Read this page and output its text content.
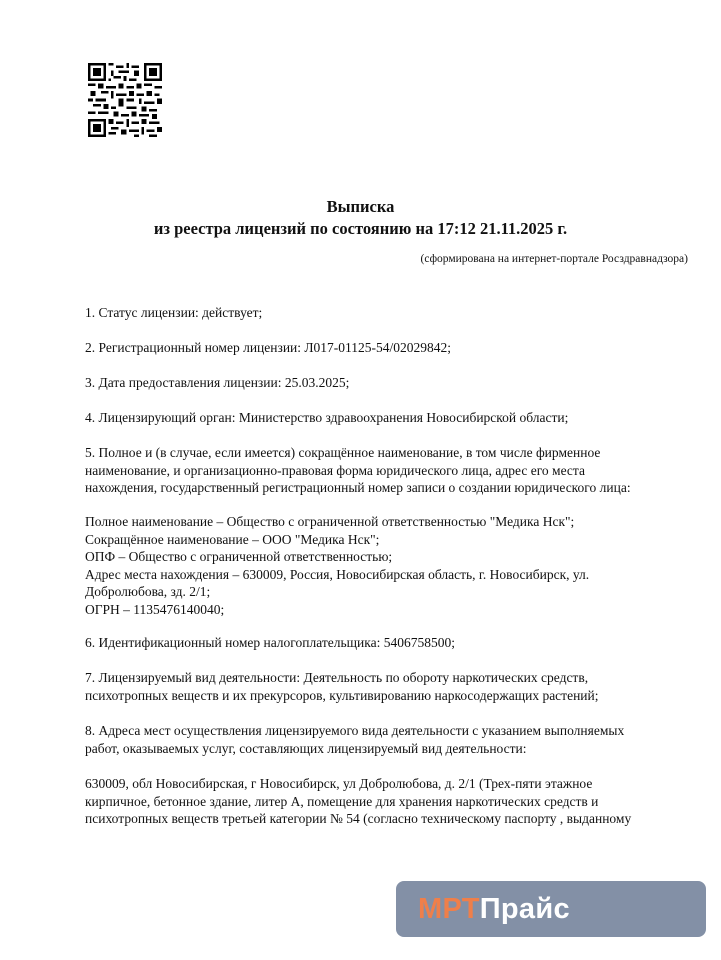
Выписка
из реестра лицензий по состоянию на 17:12 21.11.2025 г.
(сформирована на интернет-портале Росздравнадзора)
1. Статус лицензии: действует;
2. Регистрационный номер лицензии: Л017-01125-54/02029842;
3. Дата предоставления лицензии: 25.03.2025;
4. Лицензирующий орган: Министерство здравоохранения Новосибирской области;
5. Полное и (в случае, если имеется) сокращённое наименование, в том числе фирменное
наименование, и организационно-правовая форма юридического лица, адрес его места
нахождения, государственный регистрационный номер записи о создании юридического лица:
Полное наименование – Общество с ограниченной ответственностью "Медика Нск";
Сокращённое наименование – ООО "Медика Нск";
ОПФ – Общество с ограниченной ответственностью;
Адрес места нахождения – 630009, Россия, Новосибирская область, г. Новосибирск, ул.
Добролюбова, зд. 2/1;
ОГРН – 1135476140040;
6. Идентификационный номер налогоплательщика: 5406758500;
7. Лицензируемый вид деятельности: Деятельность по обороту наркотических средств,
психотропных веществ и их прекурсоров, культивированию наркосодержащих растений;
8. Адреса мест осуществления лицензируемого вида деятельности с указанием выполняемых
работ, оказываемых услуг, составляющих лицензируемый вид деятельности:
630009, обл Новосибирская, г Новосибирск, ул Добролюбова, д. 2/1 (Трех-пяти этажное
кирпичное, бетонное здание, литер А, помещение для хранения наркотических средств и
психотропных веществ третьей категории № 54 (согласно техническому паспорту , выданному
МРТПрайс
